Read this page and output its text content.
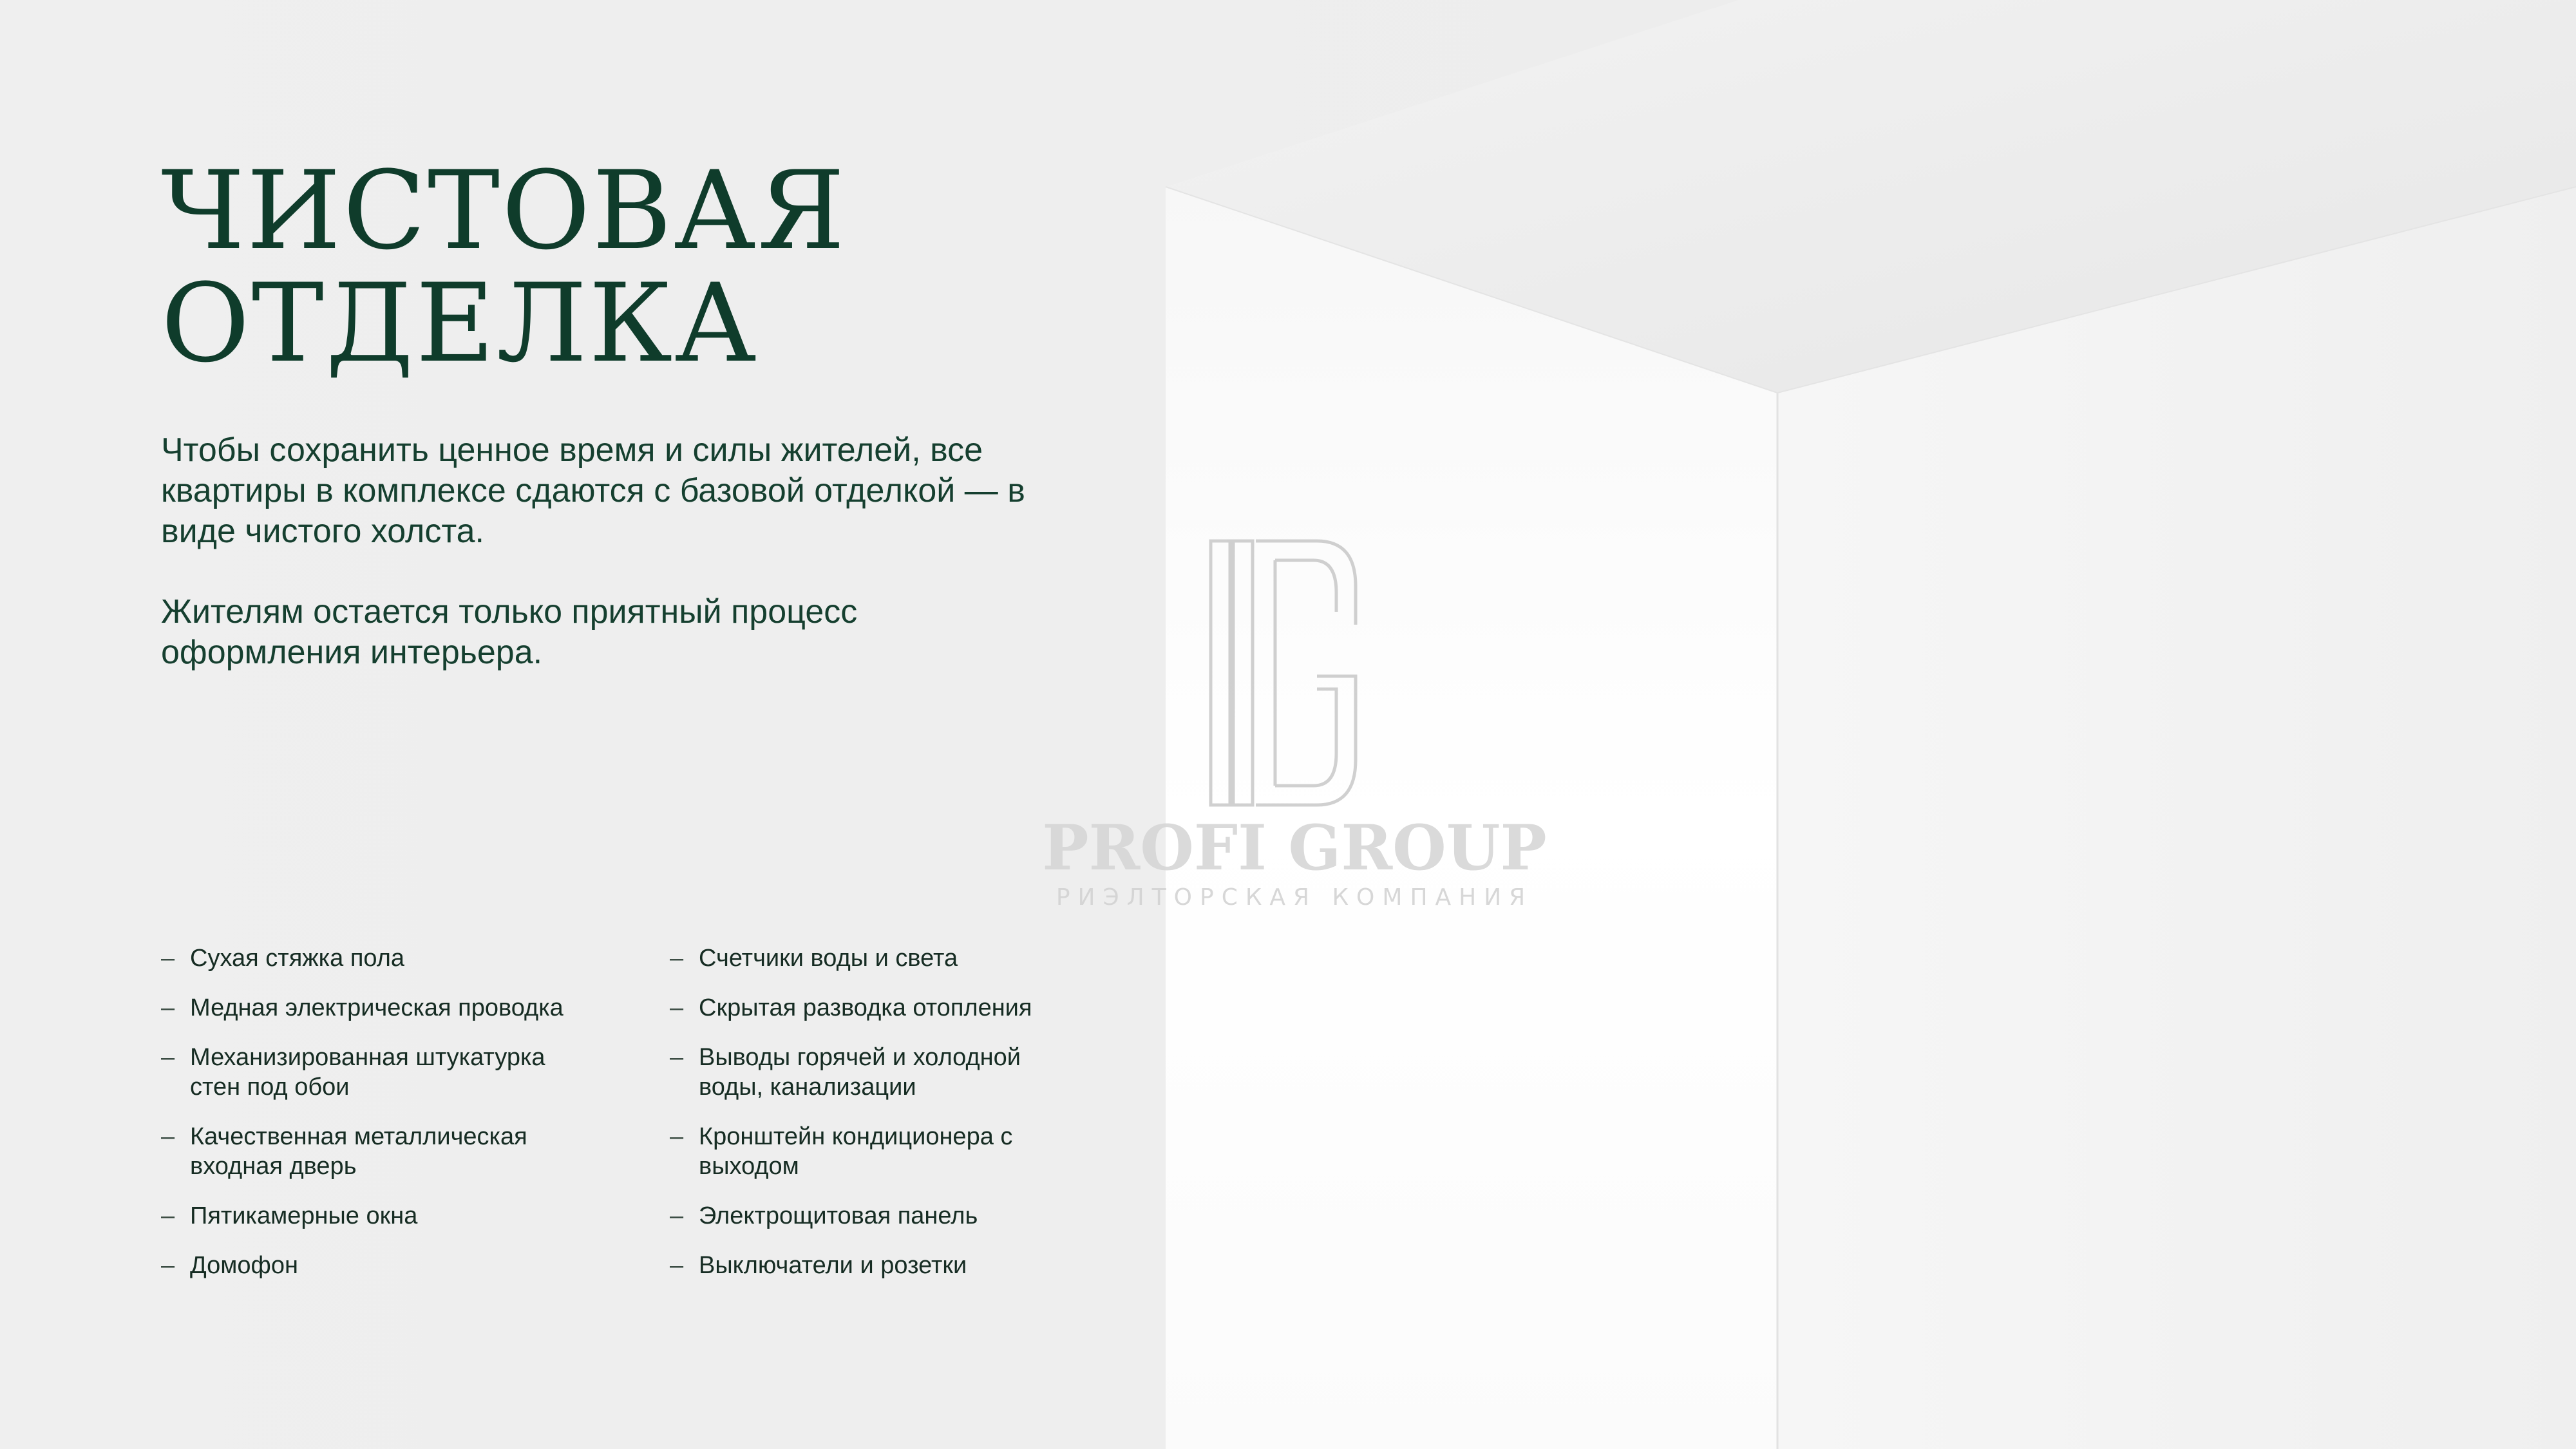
PROFI GROUP
РИЭЛТОРСКАЯ КОМПАНИЯ
ЧИСТОВАЯ
ОТДЕЛКА

Чтобы сохранить ценное время и силы жителей, все квартиры в комплексе сдаются с базовой отделкой — в виде чистого холста.

Жителям остается только приятный процесс оформления интерьера.

– Сухая стяжка пола
– Медная электрическая проводка
– Механизированная штукатурка стен под обои
– Качественная металлическая входная дверь
– Пятикамерные окна
– Домофон
– Счетчики воды и света
– Скрытая разводка отопления
– Выводы горячей и холодной воды, канализации
– Кронштейн кондиционера с выходом
– Электрощитовая панель
– Выключатели и розетки
